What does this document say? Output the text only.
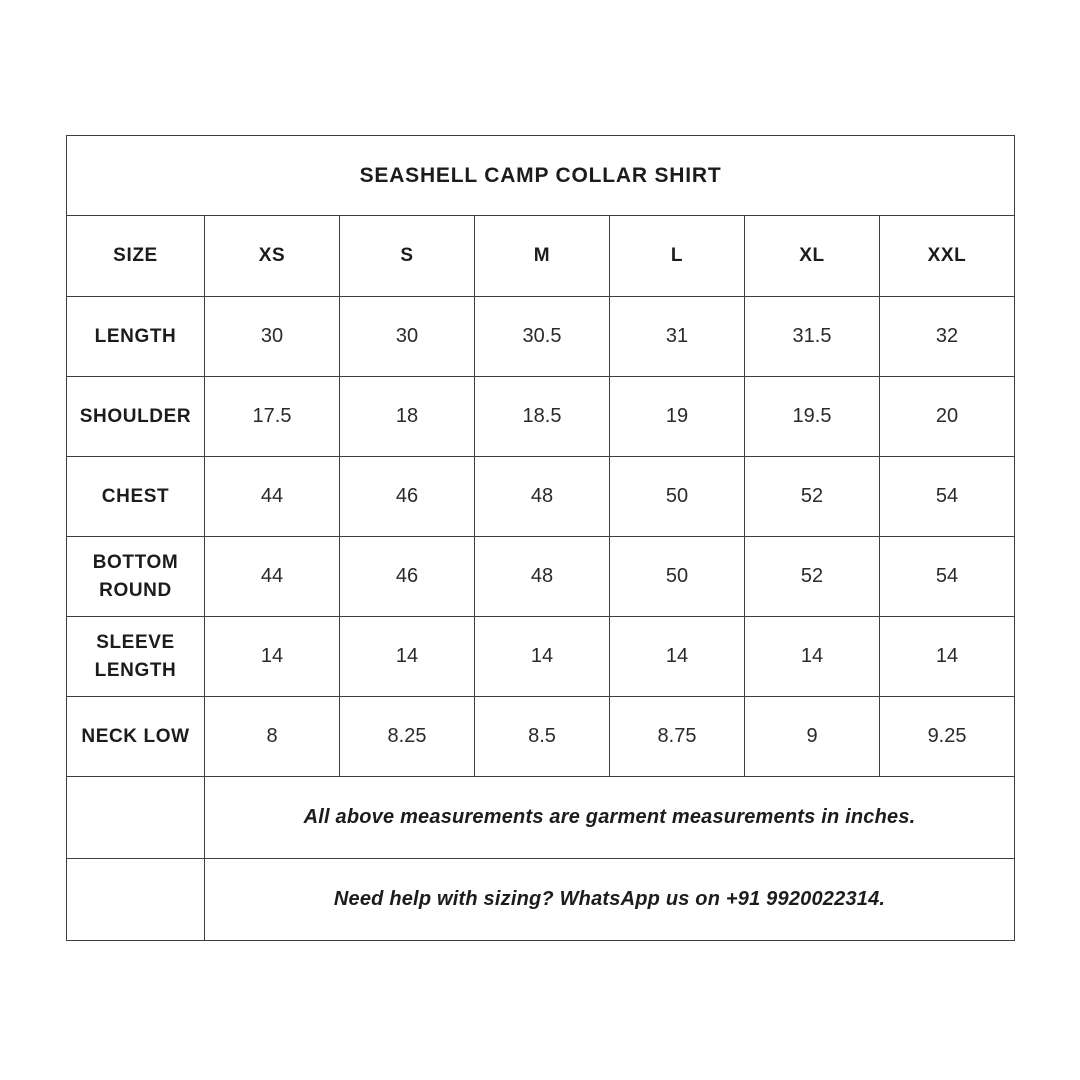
SEASHELL CAMP COLLAR SHIRT						
SIZE	XS	S	M	L	XL	XXL
LENGTH	30	30	30.5	31	31.5	32
SHOULDER	17.5	18	18.5	19	19.5	20
CHEST	44	46	48	50	52	54
BOTTOM ROUND	44	46	48	50	52	54
SLEEVE LENGTH	14	14	14	14	14	14
NECK LOW	8	8.25	8.5	8.75	9	9.25
	All above measurements are garment measurements in inches.					
	Need help with sizing? WhatsApp us on +91 9920022314.					
